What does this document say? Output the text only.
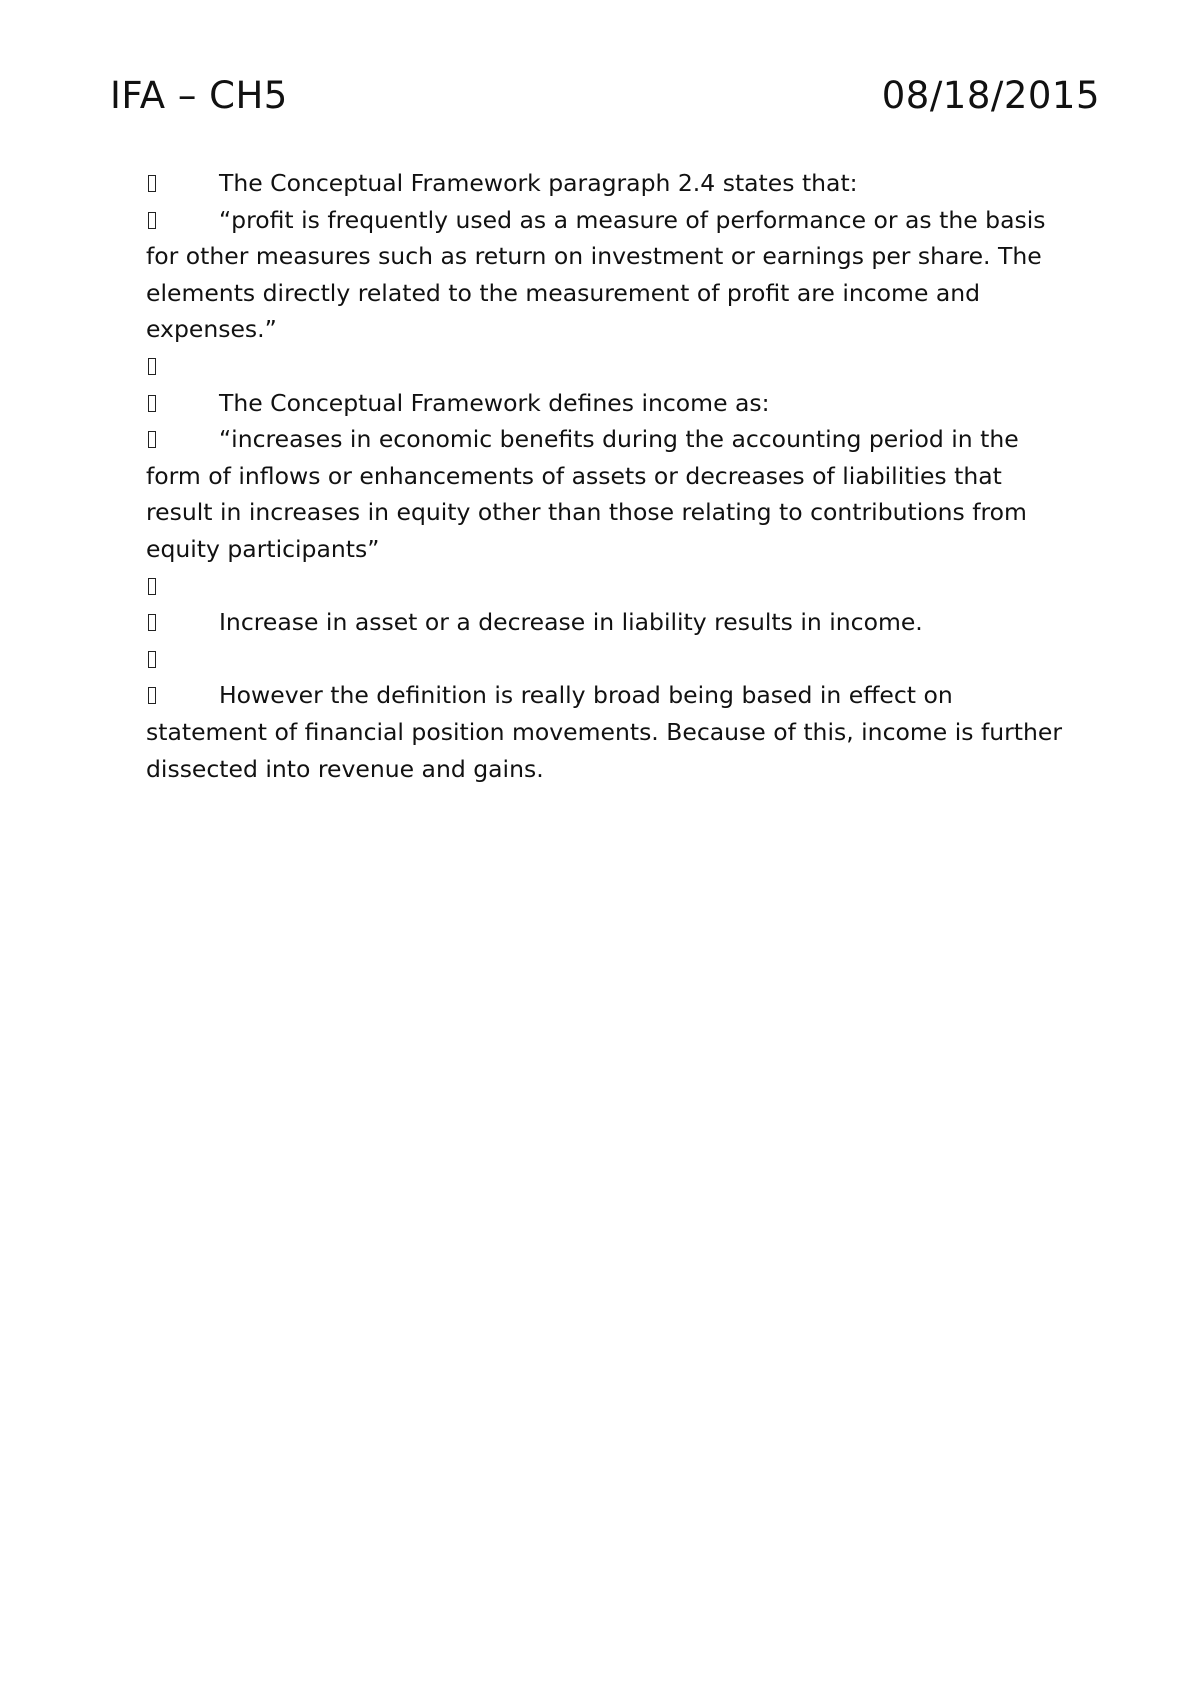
IFA – CH5	08/18/2015

The Conceptual Framework paragraph 2.4 states that:

“profit is frequently used as a measure of performance or as the basis for other measures such as return on investment or earnings per share. The elements directly related to the measurement of profit are income and expenses.”

The Conceptual Framework defines income as:

“increases in economic benefits during the accounting period in the form of inflows or enhancements of assets or decreases of liabilities that result in increases in equity other than those relating to contributions from equity participants”

Increase in asset or a decrease in liability results in income.

However the definition is really broad being based in effect on statement of financial position movements. Because of this, income is further dissected into revenue and gains.
